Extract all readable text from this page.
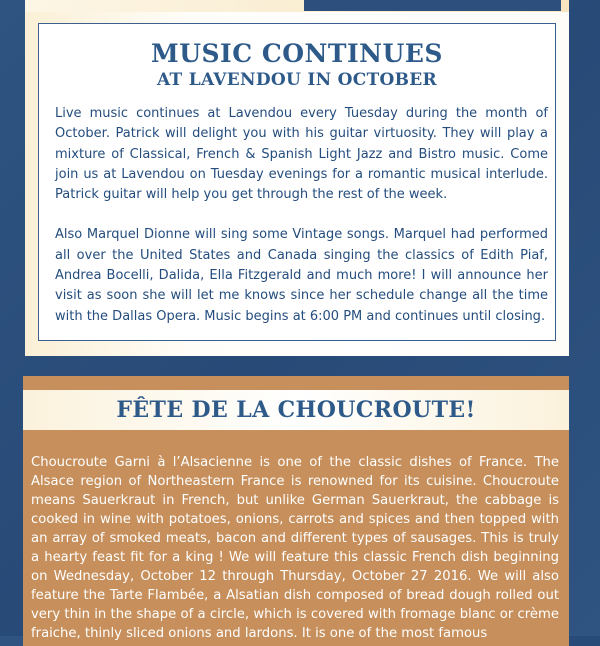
MUSIC CONTINUES
AT LAVENDOU IN OCTOBER

Live music continues at Lavendou every Tuesday during the month of October. Patrick will delight you with his guitar virtuosity. They will play a mixture of Classical, French & Spanish Light Jazz and Bistro music. Come join us at Lavendou on Tuesday evenings for a romantic musical interlude. Patrick guitar will help you get through the rest of the week.

Also Marquel Dionne will sing some Vintage songs. Marquel had performed all over the United States and Canada singing the classics of Edith Piaf, Andrea Bocelli, Dalida, Ella Fitzgerald and much more! I will announce her visit as soon she will let me knows since her schedule change all the time with the Dallas Opera. Music begins at 6:00 PM and continues until closing.

FÊTE DE LA CHOUCROUTE!

Choucroute Garni à l’Alsacienne is one of the classic dishes of France. The Alsace region of Northeastern France is renowned for its cuisine. Choucroute means Sauerkraut in French, but unlike German Sauerkraut, the cabbage is cooked in wine with potatoes, onions, carrots and spices and then topped with an array of smoked meats, bacon and different types of sausages. This is truly a hearty feast fit for a king ! We will feature this classic French dish beginning on Wednesday, October 12 through Thursday, October 27 2016. We will also feature the Tarte Flambée, a Alsatian dish composed of bread dough rolled out very thin in the shape of a circle, which is covered with fromage blanc or crème fraiche, thinly sliced onions and lardons. It is one of the most famous
